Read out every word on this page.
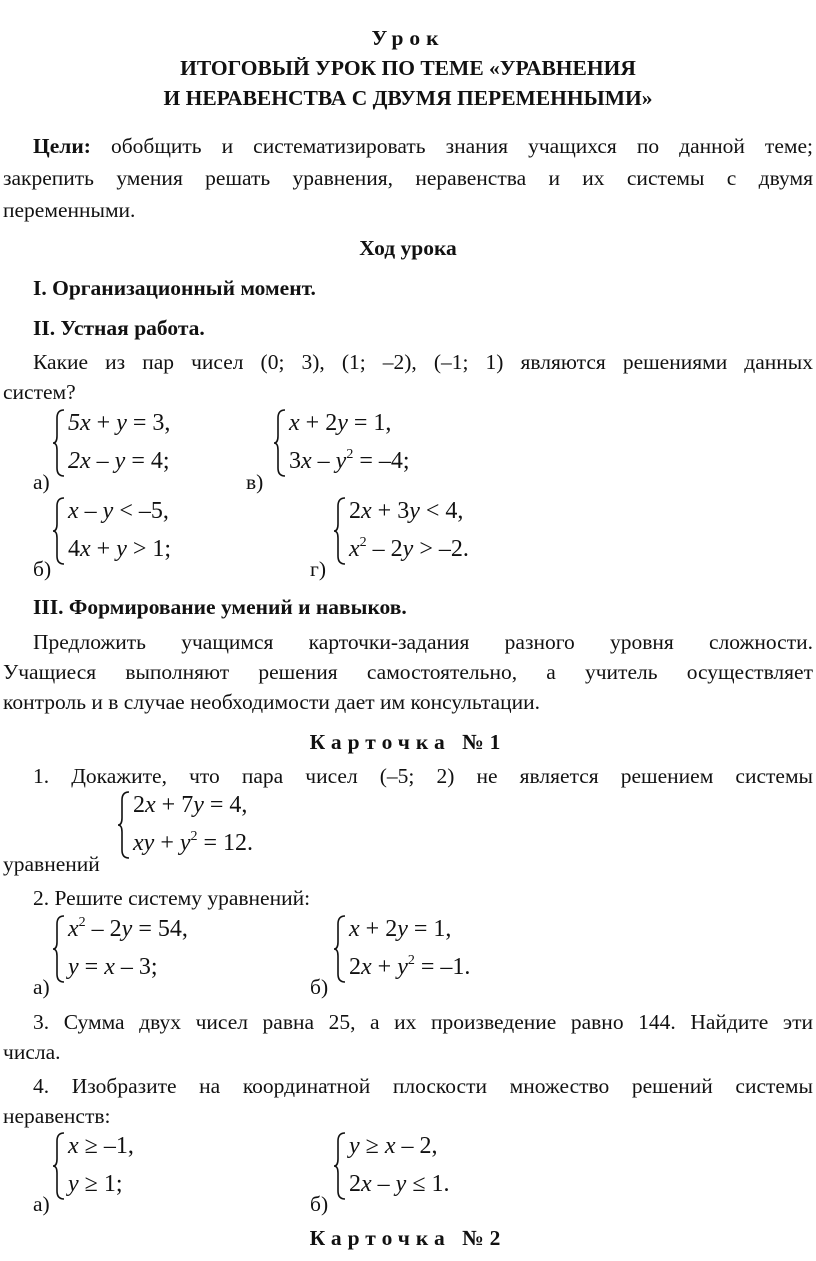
Урок
ИТОГОВЫЙ УРОК ПО ТЕМЕ «УРАВНЕНИЯ
И НЕРАВЕНСТВА С ДВУМЯ ПЕРЕМЕННЫМИ»
Цели: обобщить и систематизировать знания учащихся по данной теме;
закрепить умения решать уравнения, неравенства и их системы с двумя
переменными.
Ход урока
I. Организационный момент.
II. Устная работа.
Какие из пар чисел (0; 3), (1; –2), (–1; 1) являются решениями данных
систем?
а)
5x + y = 3,
2x – y = 4;
в)
x + 2y = 1,
$3x - y^2 = -4$;
б)
x – y < –5,
4x + y > 1;
г)
2x + 3y < 4,
$x^2 - 2y > -2$.
III. Формирование умений и навыков.
Предложить учащимся карточки-задания разного уровня сложности.
Учащиеся выполняют решения самостоятельно, а учитель осуществляет
контроль и в случае необходимости дает им консультации.
Карточка №1
1. Докажите, что пара чисел (–5; 2) не является решением системы
уравнений
2x + 7y = 4,
xy + $y^2 = 12$.
2. Решите систему уравнений:
а)
$x^2 - 2y = 54$,
y = x – 3;
б)
x + 2y = 1,
$2x + y^2 = -1$.
3. Сумма двух чисел равна 25, а их произведение равно 144. Найдите эти
числа.
4. Изобразите на координатной плоскости множество решений системы
неравенств:
а)
x ≥ –1,
y ≥ 1;
б)
y ≥ x – 2,
2x – y ≤ 1.
Карточка №2
